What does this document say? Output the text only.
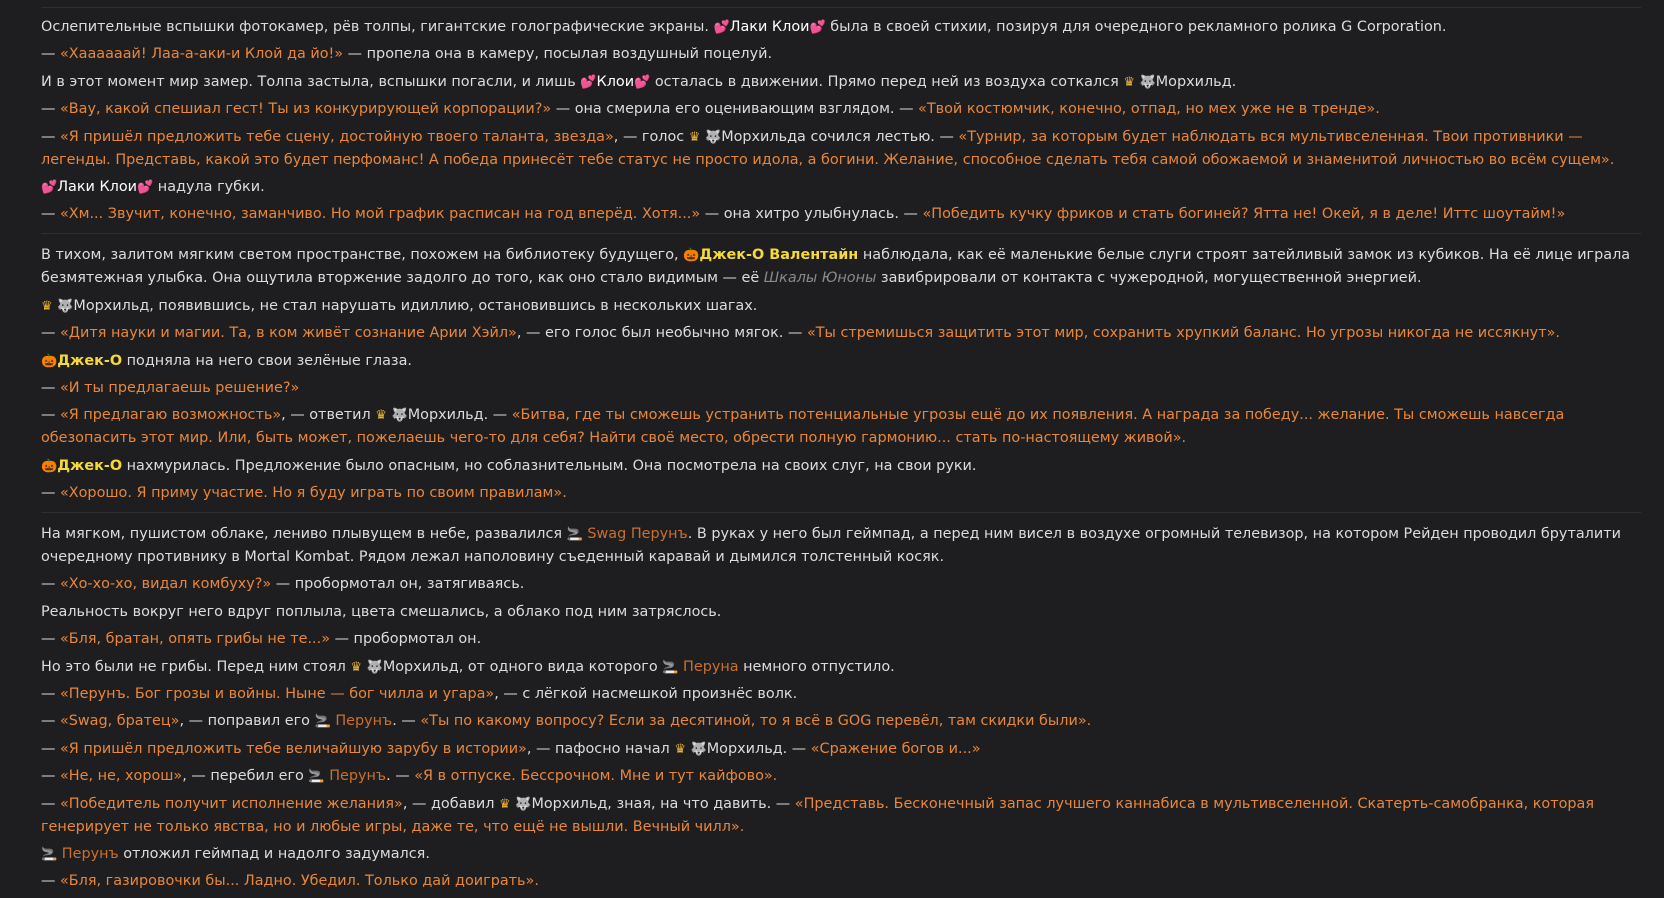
Ослепительные вспышки фотокамер, рёв толпы, гигантские голографические экраны. 💕Лаки Клои💕 была в своей стихии, позируя для очередного рекламного ролика G Corporation.

— «Хаааааай! Лаа-а-аки-и Клой да йо!» — пропела она в камеру, посылая воздушный поцелуй.

И в этот момент мир замер. Толпа застыла, вспышки погасли, и лишь 💕Клои💕 осталась в движении. Прямо перед ней из воздуха соткался ♛ 🐺Морхильд.

— «Вау, какой спешиал гест! Ты из конкурирующей корпорации?» — она смерила его оценивающим взглядом. — «Твой костюмчик, конечно, отпад, но мех уже не в тренде».

— «Я пришёл предложить тебе сцену, достойную твоего таланта, звезда», — голос ♛ 🐺Морхильда сочился лестью. — «Турнир, за которым будет наблюдать вся мультивселенная. Твои противники — легенды. Представь, какой это будет перфоманс! А победа принесёт тебе статус не просто идола, а богини. Желание, способное сделать тебя самой обожаемой и знаменитой личностью во всём сущем».

💕Лаки Клои💕 надула губки.

— «Хм... Звучит, конечно, заманчиво. Но мой график расписан на год вперёд. Хотя...» — она хитро улыбнулась. — «Победить кучку фриков и стать богиней? Ятта не! Окей, я в деле! Иттс шоутайм!»

В тихом, залитом мягким светом пространстве, похожем на библиотеку будущего, 🎃Джек-О Валентайн наблюдала, как её маленькие белые слуги строят затейливый замок из кубиков. На её лице играла безмятежная улыбка. Она ощутила вторжение задолго до того, как оно стало видимым — её Шкалы Юноны завибрировали от контакта с чужеродной, могущественной энергией.

♛ 🐺Морхильд, появившись, не стал нарушать идиллию, остановившись в нескольких шагах.

— «Дитя науки и магии. Та, в ком живёт сознание Арии Хэйл», — его голос был необычно мягок. — «Ты стремишься защитить этот мир, сохранить хрупкий баланс. Но угрозы никогда не иссякнут».

🎃Джек-О подняла на него свои зелёные глаза.

— «И ты предлагаешь решение?»

— «Я предлагаю возможность», — ответил ♛ 🐺Морхильд. — «Битва, где ты сможешь устранить потенциальные угрозы ещё до их появления. А награда за победу... желание. Ты сможешь навсегда обезопасить этот мир. Или, быть может, пожелаешь чего-то для себя? Найти своё место, обрести полную гармонию... стать по-настоящему живой».

🎃Джек-О нахмурилась. Предложение было опасным, но соблазнительным. Она посмотрела на своих слуг, на свои руки.

— «Хорошо. Я приму участие. Но я буду играть по своим правилам».

На мягком, пушистом облаке, лениво плывущем в небе, развалился 🚬 Swag Перунъ. В руках у него был геймпад, а перед ним висел в воздухе огромный телевизор, на котором Рейден проводил бруталити очередному противнику в Mortal Kombat. Рядом лежал наполовину съеденный каравай и дымился толстенный косяк.

— «Хо-хо-хо, видал комбуху?» — пробормотал он, затягиваясь.

Реальность вокруг него вдруг поплыла, цвета смешались, а облако под ним затряслось.

— «Бля, братан, опять грибы не те...» — пробормотал он.

Но это были не грибы. Перед ним стоял ♛ 🐺Морхильд, от одного вида которого 🚬 Перуна немного отпустило.

— «Перунъ. Бог грозы и войны. Ныне — бог чилла и угара», — с лёгкой насмешкой произнёс волк.

— «Swag, братец», — поправил его 🚬 Перунъ. — «Ты по какому вопросу? Если за десятиной, то я всё в GOG перевёл, там скидки были».

— «Я пришёл предложить тебе величайшую зарубу в истории», — пафосно начал ♛ 🐺Морхильд. — «Сражение богов и...»

— «Не, не, хорош», — перебил его 🚬 Перунъ. — «Я в отпуске. Бессрочном. Мне и тут кайфово».

— «Победитель получит исполнение желания», — добавил ♛ 🐺Морхильд, зная, на что давить. — «Представь. Бесконечный запас лучшего каннабиса в мультивселенной. Скатерть-самобранка, которая генерирует не только явства, но и любые игры, даже те, что ещё не вышли. Вечный чилл».

🚬 Перунъ отложил геймпад и надолго задумался.

— «Бля, газировочки бы... Ладно. Убедил. Только дай доиграть».
